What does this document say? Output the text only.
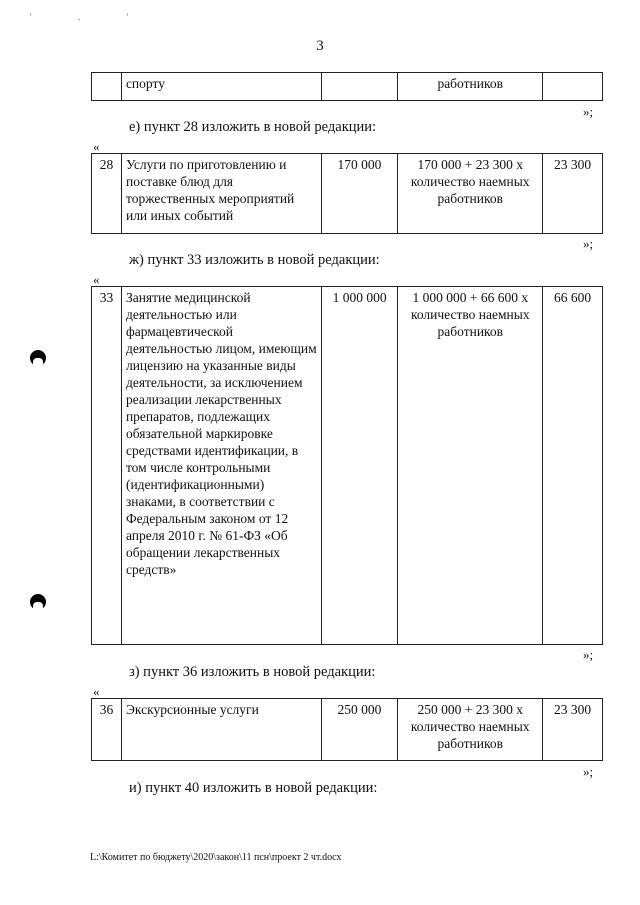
' . '
3
	спорту		работников	
»;
е) пункт 28 изложить в новой редакции:
«
28	Услуги по приготовлению и поставке блюд для торжественных мероприятий или иных событий	170 000	170 000 + 23 300 х количество наемных работников	23 300
»;
ж) пункт 33 изложить в новой редакции:
«
33	Занятие медицинской деятельностью или фармацевтической деятельностью лицом, имеющим лицензию на указанные виды деятельности, за исключением реализации лекарственных препаратов, подлежащих обязательной маркировке средствами идентификации, в том числе контрольными (идентификационными) знаками, в соответствии с Федеральным законом от 12 апреля 2010 г. № 61-ФЗ «Об обращении лекарственных средств»	1 000 000	1 000 000 + 66 600 х количество наемных работников	66 600
»;
з) пункт 36 изложить в новой редакции:
«
36	Экскурсионные услуги	250 000	250 000 + 23 300 х количество наемных работников	23 300
»;
и) пункт 40 изложить в новой редакции:
L:\Комитет по бюджету\2020\закон\11 псн\проект 2 чт.docx
